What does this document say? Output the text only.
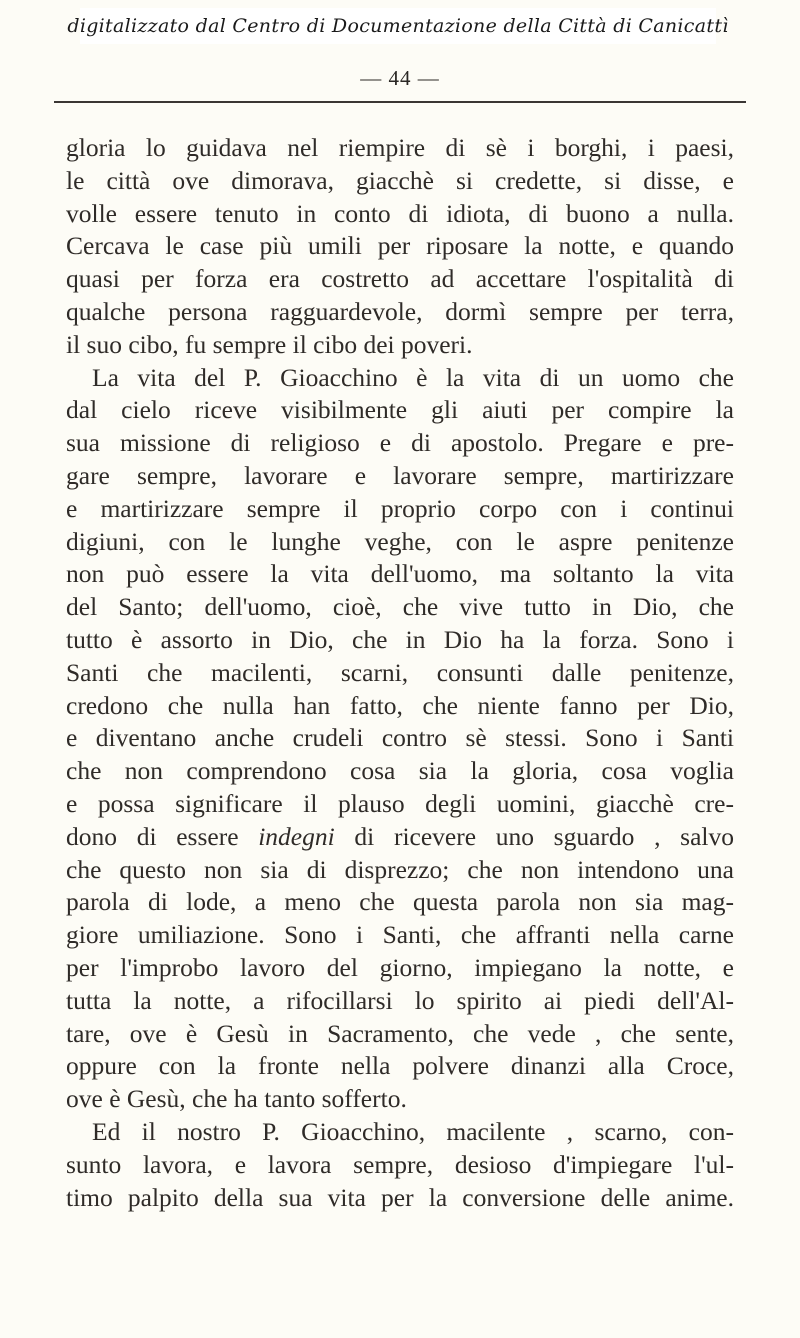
digitalizzato dal Centro di Documentazione della Città di Canicattì
— 44 —
gloria lo guidava nel riempire di sè i borghi, i paesi,
le città ove dimorava, giacchè si credette, si disse, e
volle essere tenuto in conto di idiota, di buono a nulla.
Cercava le case più umili per riposare la notte, e quando
quasi per forza era costretto ad accettare l'ospitalità di
qualche persona ragguardevole, dormì sempre per terra,
il suo cibo, fu sempre il cibo dei poveri.
La vita del P. Gioacchino è la vita di un uomo che
dal cielo riceve visibilmente gli aiuti per compire la
sua missione di religioso e di apostolo. Pregare e pre-
gare sempre, lavorare e lavorare sempre, martirizzare
e martirizzare sempre il proprio corpo con i continui
digiuni, con le lunghe veghe, con le aspre penitenze
non può essere la vita dell'uomo, ma soltanto la vita
del Santo; dell'uomo, cioè, che vive tutto in Dio, che
tutto è assorto in Dio, che in Dio ha la forza. Sono i
Santi che macilenti, scarni, consunti dalle penitenze,
credono che nulla han fatto, che niente fanno per Dio,
e diventano anche crudeli contro sè stessi. Sono i Santi
che non comprendono cosa sia la gloria, cosa voglia
e possa significare il plauso degli uomini, giacchè cre-
dono di essere indegni di ricevere uno sguardo , salvo
che questo non sia di disprezzo; che non intendono una
parola di lode, a meno che questa parola non sia mag-
giore umiliazione. Sono i Santi, che affranti nella carne
per l'improbo lavoro del giorno, impiegano la notte, e
tutta la notte, a rifocillarsi lo spirito ai piedi dell'Al-
tare, ove è Gesù in Sacramento, che vede , che sente,
oppure con la fronte nella polvere dinanzi alla Croce,
ove è Gesù, che ha tanto sofferto.
Ed il nostro P. Gioacchino, macilente , scarno, con-
sunto lavora, e lavora sempre, desioso d'impiegare l'ul-
timo palpito della sua vita per la conversione delle anime.
